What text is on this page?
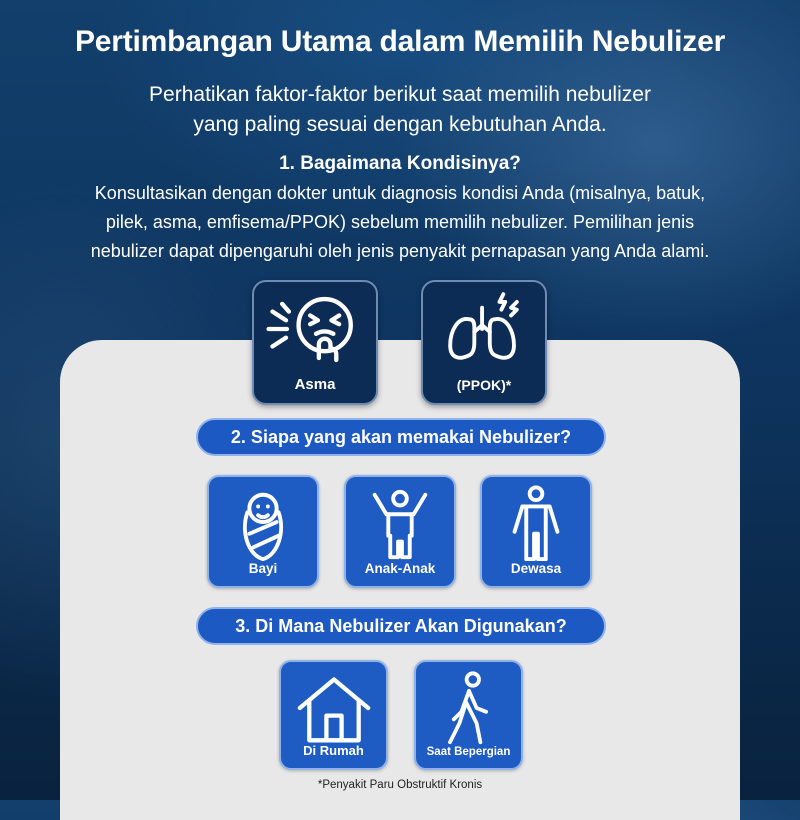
Pertimbangan Utama dalam Memilih Nebulizer
Perhatikan faktor-faktor berikut saat memilih nebulizer
yang paling sesuai dengan kebutuhan Anda.
1. Bagaimana Kondisinya?
Konsultasikan dengan dokter untuk diagnosis kondisi Anda (misalnya, batuk,
pilek, asma, emfisema/PPOK) sebelum memilih nebulizer. Pemilihan jenis
nebulizer dapat dipengaruhi oleh jenis penyakit pernapasan yang Anda alami.
Asma	(PPOK)*
2. Siapa yang akan memakai Nebulizer?
Bayi	Anak-Anak	Dewasa
3. Di Mana Nebulizer Akan Digunakan?
Di Rumah	Saat Bepergian
*Penyakit Paru Obstruktif Kronis
